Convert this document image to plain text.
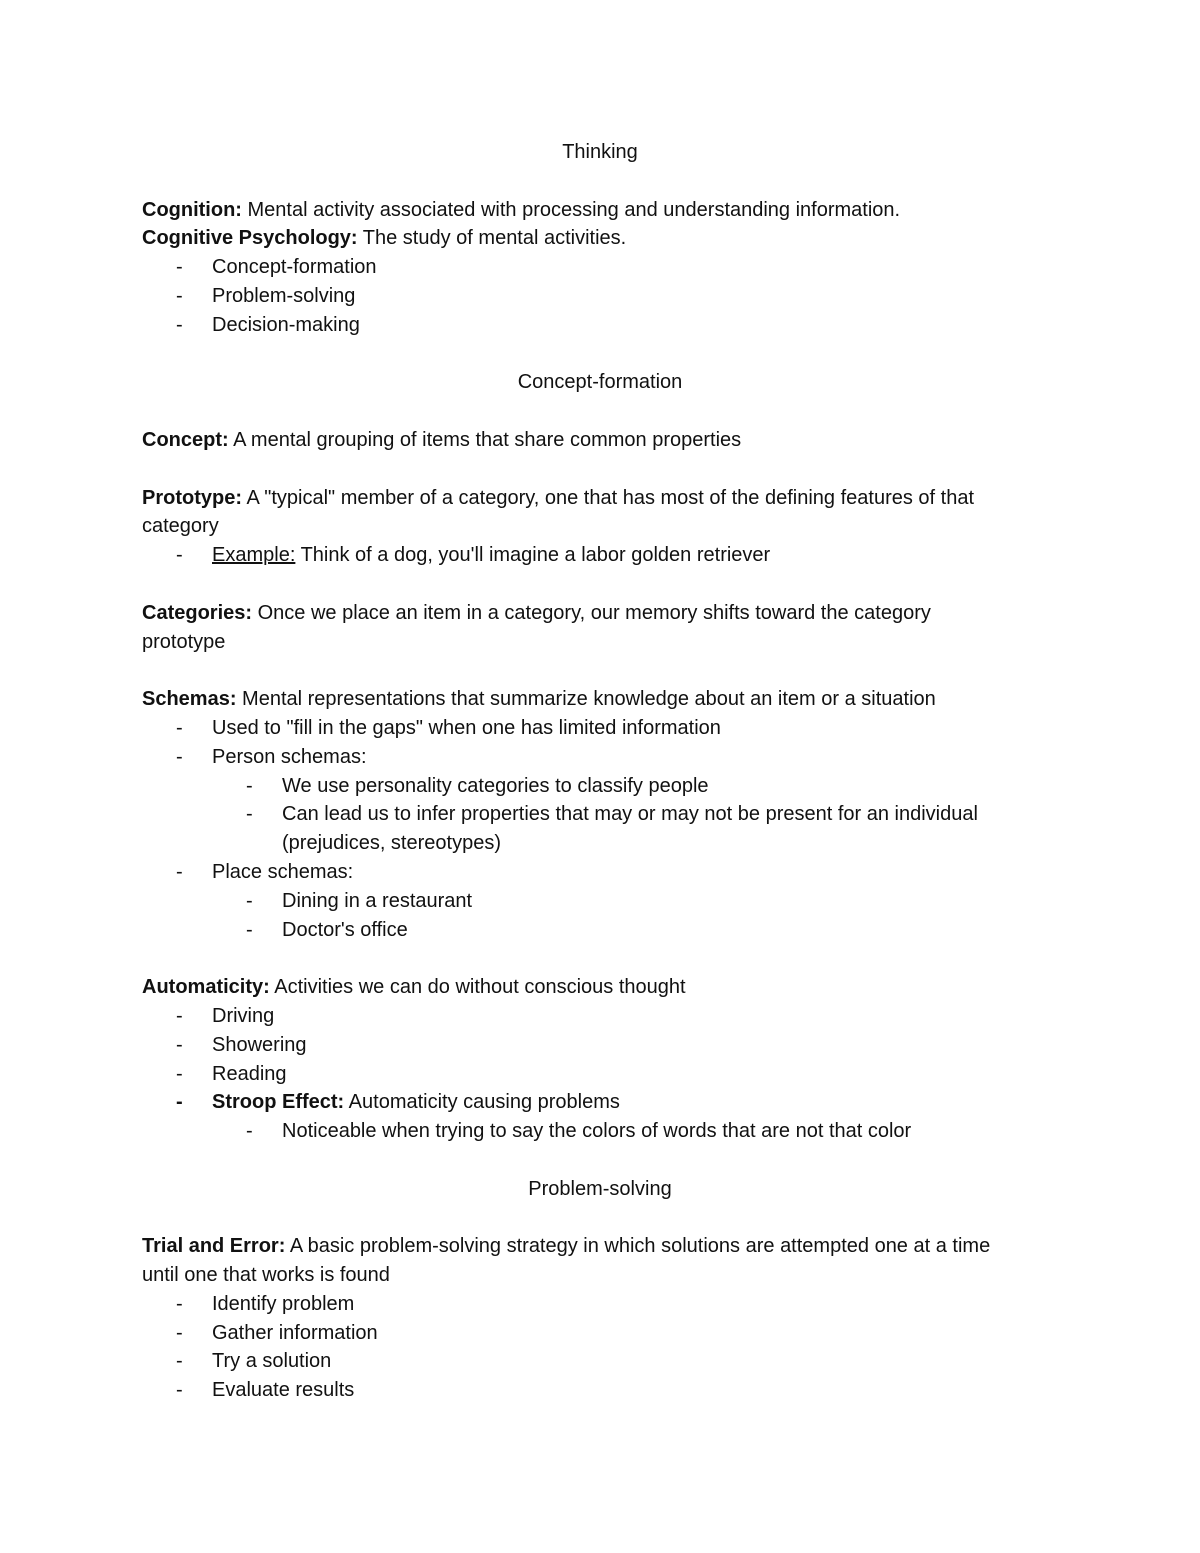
Thinking

Cognition: Mental activity associated with processing and understanding information.

Cognitive Psychology: The study of mental activities.

- Concept-formation

- Problem-solving

- Decision-making

Concept-formation

Concept: A mental grouping of items that share common properties

Prototype: A "typical" member of a category, one that has most of the defining features of that

category

- Example: Think of a dog, you'll imagine a labor golden retriever

Categories: Once we place an item in a category, our memory shifts toward the category

prototype

Schemas: Mental representations that summarize knowledge about an item or a situation

- Used to "fill in the gaps" when one has limited information

- Person schemas:

- We use personality categories to classify people

- Can lead us to infer properties that may or may not be present for an individual

(prejudices, stereotypes)

- Place schemas:

- Dining in a restaurant

- Doctor's office

Automaticity: Activities we can do without conscious thought

- Driving

- Showering

- Reading

- Stroop Effect: Automaticity causing problems

- Noticeable when trying to say the colors of words that are not that color

Problem-solving

Trial and Error: A basic problem-solving strategy in which solutions are attempted one at a time

until one that works is found

- Identify problem

- Gather information

- Try a solution

- Evaluate results
